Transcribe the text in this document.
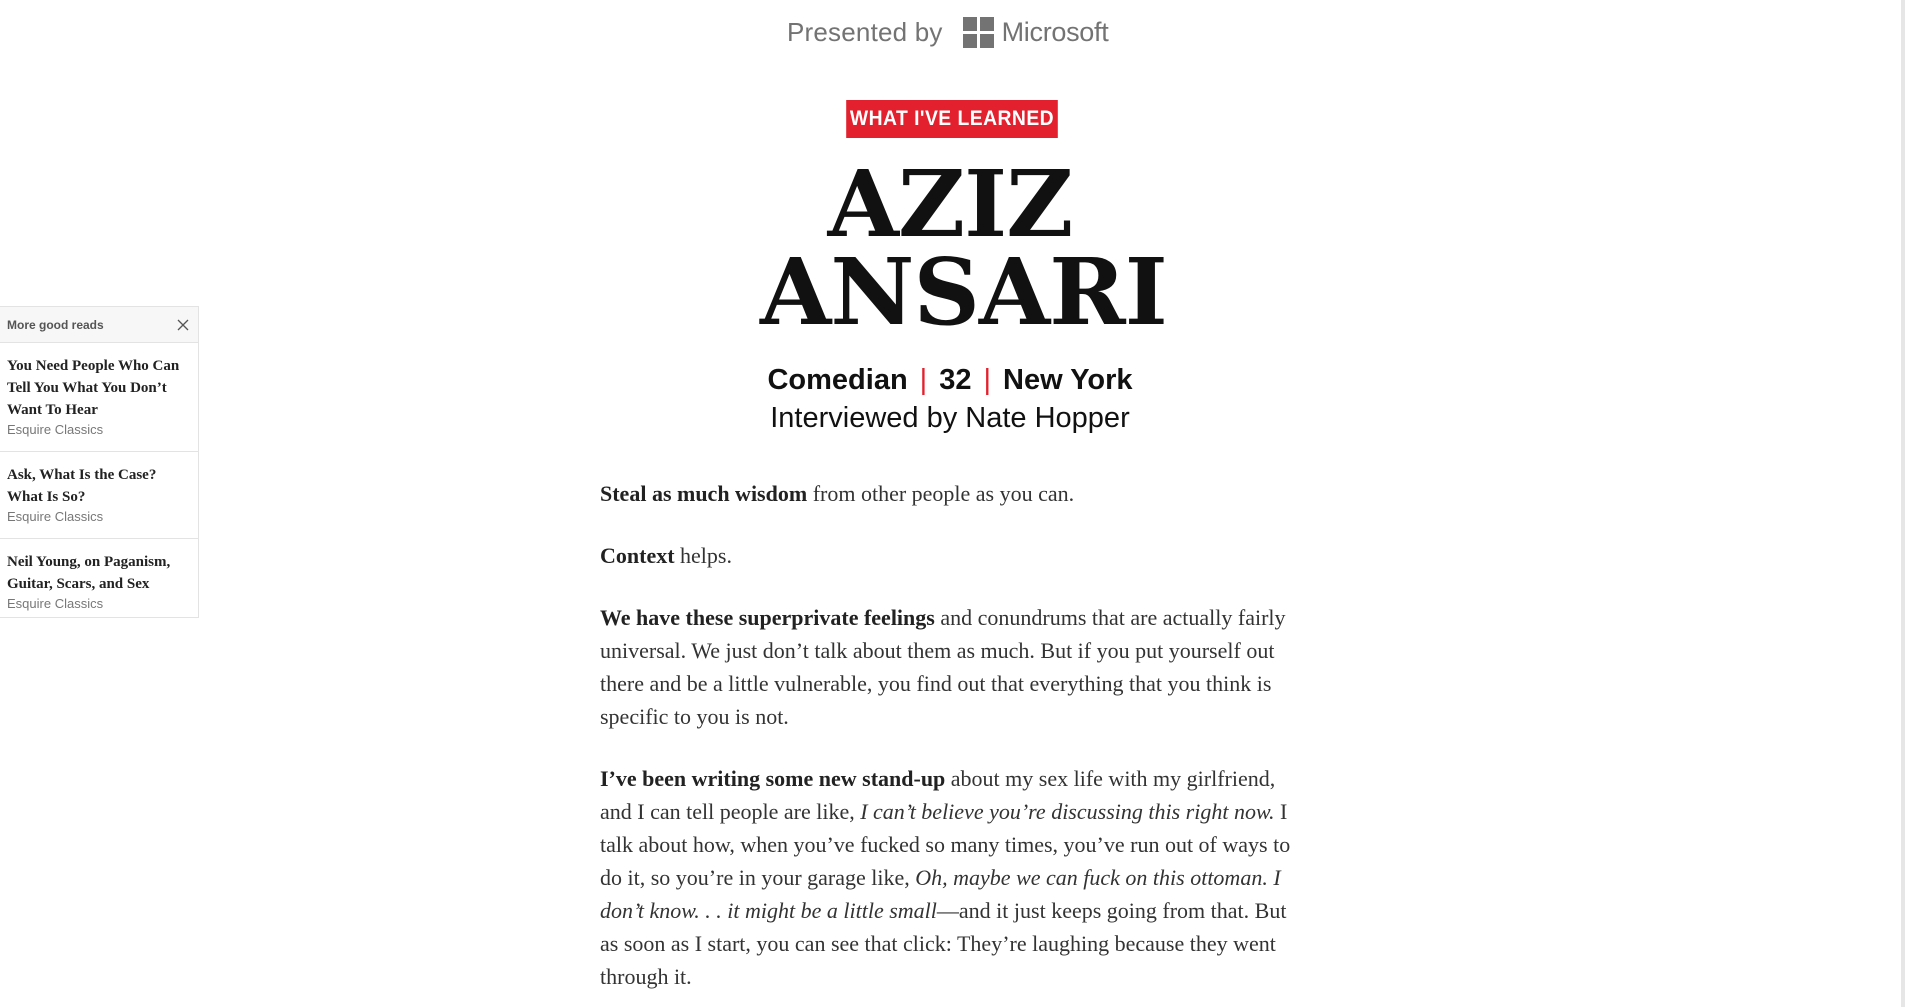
Presented by Microsoft
WHAT I'VE LEARNED
AZIZ
ANSARI
Comedian | 32 | New York
Interviewed by Nate Hopper

Steal as much wisdom from other people as you can.

Context helps.

We have these superprivate feelings and conundrums that are actually fairly universal. We just don’t talk about them as much. But if you put yourself out there and be a little vulnerable, you find out that everything that you think is specific to you is not.

I’ve been writing some new stand-up about my sex life with my girlfriend, and I can tell people are like, I can’t believe you’re discussing this right now. I talk about how, when you’ve fucked so many times, you’ve run out of ways to do it, so you’re in your garage like, Oh, maybe we can fuck on this ottoman. I don’t know. . . it might be a little small—and it just keeps going from that. But as soon as I start, you can see that click: They’re laughing because they went through it.

More good reads
You Need People Who Can Tell You What You Don’t Want To Hear
Esquire Classics
Ask, What Is the Case? What Is So?
Esquire Classics
Neil Young, on Paganism, Guitar, Scars, and Sex
Esquire Classics
